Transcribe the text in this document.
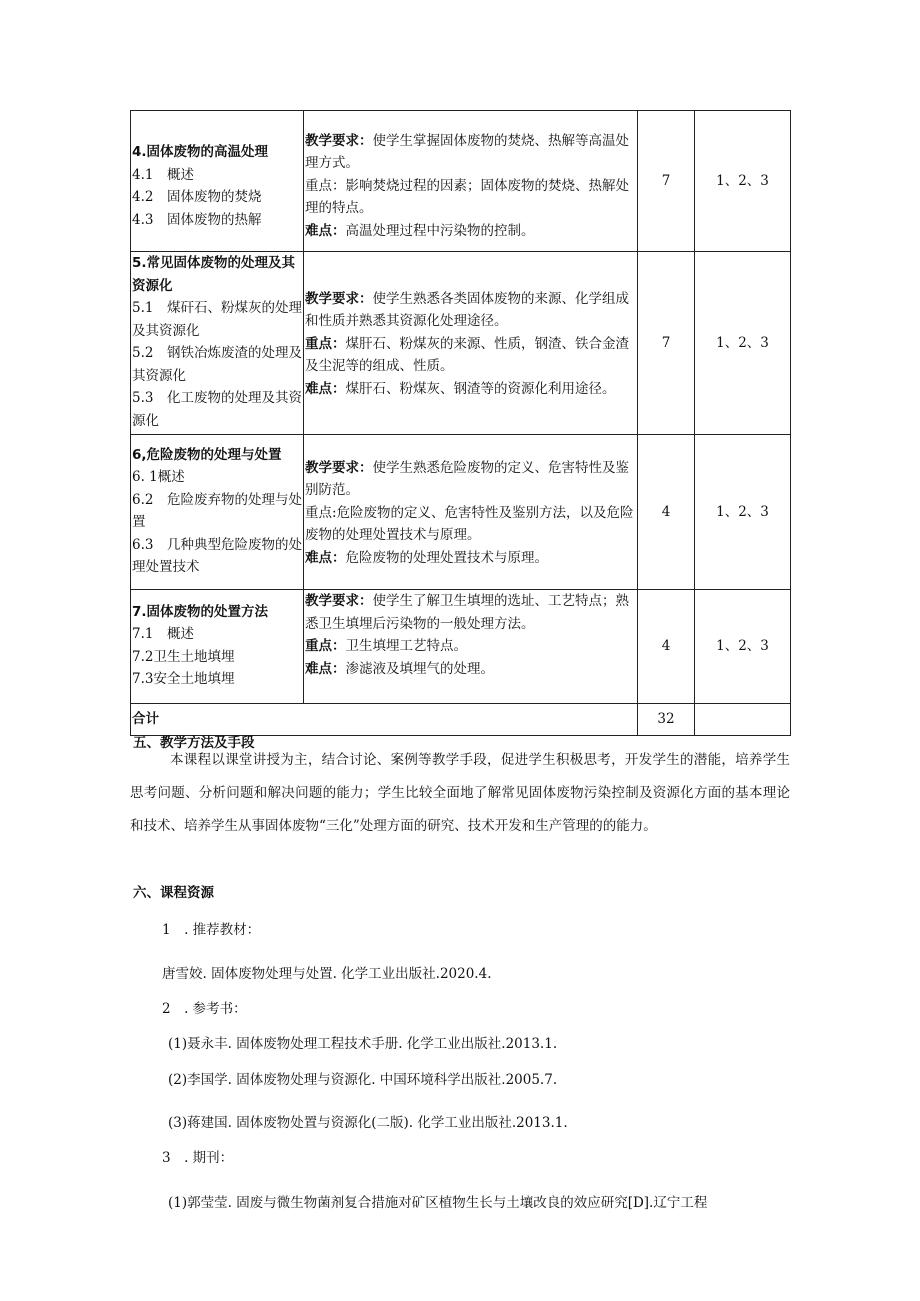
4.固体废物的高温处理
4.1　概述
4.2　固体废物的焚烧
4.3　固体废物的热解	教学要求：使学生掌握固体废物的焚烧、热解等高温处理方式。
重点：影响焚烧过程的因素；固体废物的焚烧、热解处理的特点。
难点：高温处理过程中污染物的控制。	7	1、2、3

5.常见固体废物的处理及其资源化
5.1　煤矸石、粉煤灰的处理及其资源化
5.2　钢铁冶炼废渣的处理及其资源化
5.3　化工废物的处理及其资源化	教学要求：使学生熟悉各类固体废物的来源、化学组成和性质并熟悉其资源化处理途径。
重点：煤肝石、粉煤灰的来源、性质，钢渣、铁合金渣及尘泥等的组成、性质。
难点：煤肝石、粉煤灰、钢渣等的资源化利用途径。	7	1、2、3

6,危险废物的处理与处置
6. 1概述
6.2　危险废弃物的处理与处置
6.3　几种典型危险废物的处理处置技术	教学要求：使学生熟悉危险废物的定义、危害特性及鉴别防范。
重点:危险废物的定义、危害特性及鉴别方法，以及危险废物的处理处置技术与原理。
难点：危险废物的处理处置技术与原理。	4	1、2、3

7.固体废物的处置方法
7.1　概述
7.2卫生土地填埋
7.3安全土地填埋	教学要求：使学生了解卫生填埋的选址、工艺特点；熟悉卫生填埋后污染物的一般处理方法。
重点：卫生填埋工艺特点。
难点：渗滤液及填埋气的处理。	4	1、2、3
合计		32	
五、教学方法及手段
本课程以课堂讲授为主，结合讨论、案例等教学手段，促进学生积极思考，开发学生的潜能，培养学生思考问题、分析问题和解决问题的能力；学生比较全面地了解常见固体废物污染控制及资源化方面的基本理论和技术、培养学生从事固体废物“三化”处理方面的研究、技术开发和生产管理的的能力。
六、课程资源
1　. 推荐教材：
唐雪姣. 固体废物处理与处置. 化学工业出版社.2020.4.
2　. 参考书：
(1)聂永丰. 固体废物处理工程技术手册. 化学工业出版社.2013.1.
(2)李国学. 固体废物处理与资源化. 中国环境科学出版社.2005.7.
(3)蒋建国. 固体废物处置与资源化(二版). 化学工业出版社.2013.1.
3　. 期刊：
(1)郭莹莹. 固废与微生物菌剂复合措施对矿区植物生长与土壤改良的效应研究[D].辽宁工程
